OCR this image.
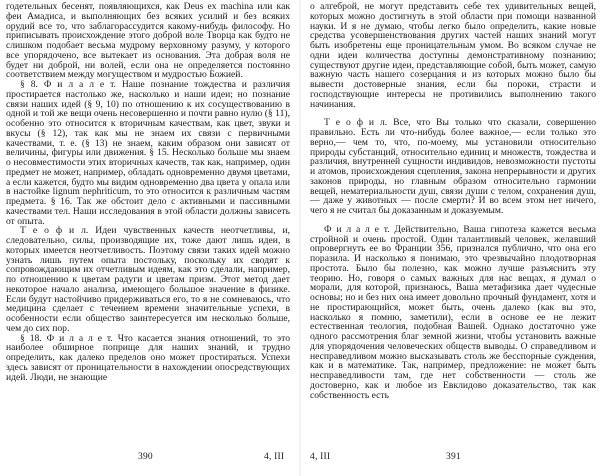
годетельных бесенят, появляющихся, как Deus ex machina или как феи Амадиса, и выполняющих без всяких усилий и без всяких орудий все то, что заблагорассудится какому-нибудь философу. Но приписывать происхождение этого доброй воле Творца как будто не слишком подобает весьма мудрому верховному разуму, у которого все упорядочено, все вытекает из основания. Эта добрая воля не будет ни доброй, ни волей, если она не определяется постоянно соответствием между могуществом и мудростью Божией.

§ 8. Ф и л а л е т. Наше познание тождества и различия простирается настолько же, насколько и наши идеи; но познание связи наших идей (§ 9, 10) по отношению к их сосуществованию в одной и той же вещи очень несовершенно и почти равно нулю (§ 11), особенно это относится к вторичным качествам, как цвет, звуки и вкусы (§ 12), так как мы не знаем их связи с первичными качествами, т. е. (§ 13) не знаем, каким образом они зависят от величины, фигуры или движения. § 15. Несколько больше мы знаем о несовместимости этих вторичных качеств, так как, например, один предмет не может, например, обладать одновременно двумя цветами, а если кажется, будто мы видим одновременно два цвета у опала или в настойке lignum nephriticum, то это относится к различным частям предмета. § 16. Так же обстоит дело с активными и пассивными качествами тел. Наши исследования в этой области должны зависеть от опыта.

Т е о ф и л. Идеи чувственных качеств неотчетливы, и, следовательно, силы, производящие их, тоже дают лишь идеи, в которых имеется неотчетливость. Поэтому связи таких идей можно узнать лишь путем опыта постольку, поскольку их сводят к сопровождающим их отчетливым идеям, как это сделали, например, по отношению к цветам радуги и цветам призм. Этот метод дает некоторое начало анализа, имеющего большое значение в физике. Если будут настойчиво придерживаться его, то я не сомневаюсь, что медицина сделает с течением времени значительные успехи, в особенности если общество заинтересуется им несколько больше, чем до сих пор.

§ 18. Ф и л а л е т. Что касается знания отношений, то это наиболее обширное поприще для наших знаний, и трудно определить, как далеко пределов оно может простираться. Успехи здесь зависят от проницательности в нахождении опосредствующих идей. Люди, не знающие

390	4, III

о алгеброй, не могут представить себе тех удивительных вещей, которых можно достигнуть в этой области при помощи названной науки. И я не думаю, чтобы легко было определить, какие новые средства усовершенствования других частей наших знаний могут быть изобретены еще проницательным умом. Во всяком случае не одни идеи количества доступны демонстративному познанию; существуют другие идеи, представляющие собой, быть может, самую важную часть нашего созерцания и из которых можно было бы вывести достоверные знания, если бы пороки, страсти и господствующие интересы не противились выполнению такого начинания.

Т е о ф и л. Все, что Вы только что сказали, совершенно правильно. Есть ли что-нибудь более важное,— если только это верно,— чем то, что, по-моему, мы установили относительно природы субстанций, относительно единиц и множеств, тождества и различия, внутренней сущности индивидов, невозможности пустоты и атомов, происхождения сцепления, закона непрерывности и других законов природы, но главным образом относительно гармонии вещей, нематериальности душ, связи души с телом, сохранения душ, — даже у животных — после смерти? И во всем этом нет ничего, чего я не считал бы доказанным и доказуемым.

Ф и л а л е т. Действительно, Ваша гипотеза кажется весьма стройной и очень простой. Один талантливый человек, желавший опровергнуть ее во Франции 356, признался публично, что она его поразила. И насколько я понимаю, это чрезвычайно плодотворная простота. Было бы полезно, как можно лучше разъяснить эту теорию. Но, говоря о самых важных для нас вещах, я думал о морали, для которой, признаюсь, Ваша метафизика дает чудесные основы; но и без них она имеет довольно прочный фундамент, хотя и не простирающийся, может быть, очень далеко (как вы это, насколько я помню, заметили), если в основе ее не лежит естественная теология, подобная Вашей. Однако достаточно уже одного рассмотрения благ земной жизни, чтобы установить важные для упорядочения человеческих обществ выводы. О справедливом и несправедливом можно высказывать столь же бесспорные суждения, как и в математике. Так, например, предложение: не может быть несправедливости там, где нет собственности — столь же достоверно, как и любое из Евклидово доказательство, так как собственность есть

4, III	391
